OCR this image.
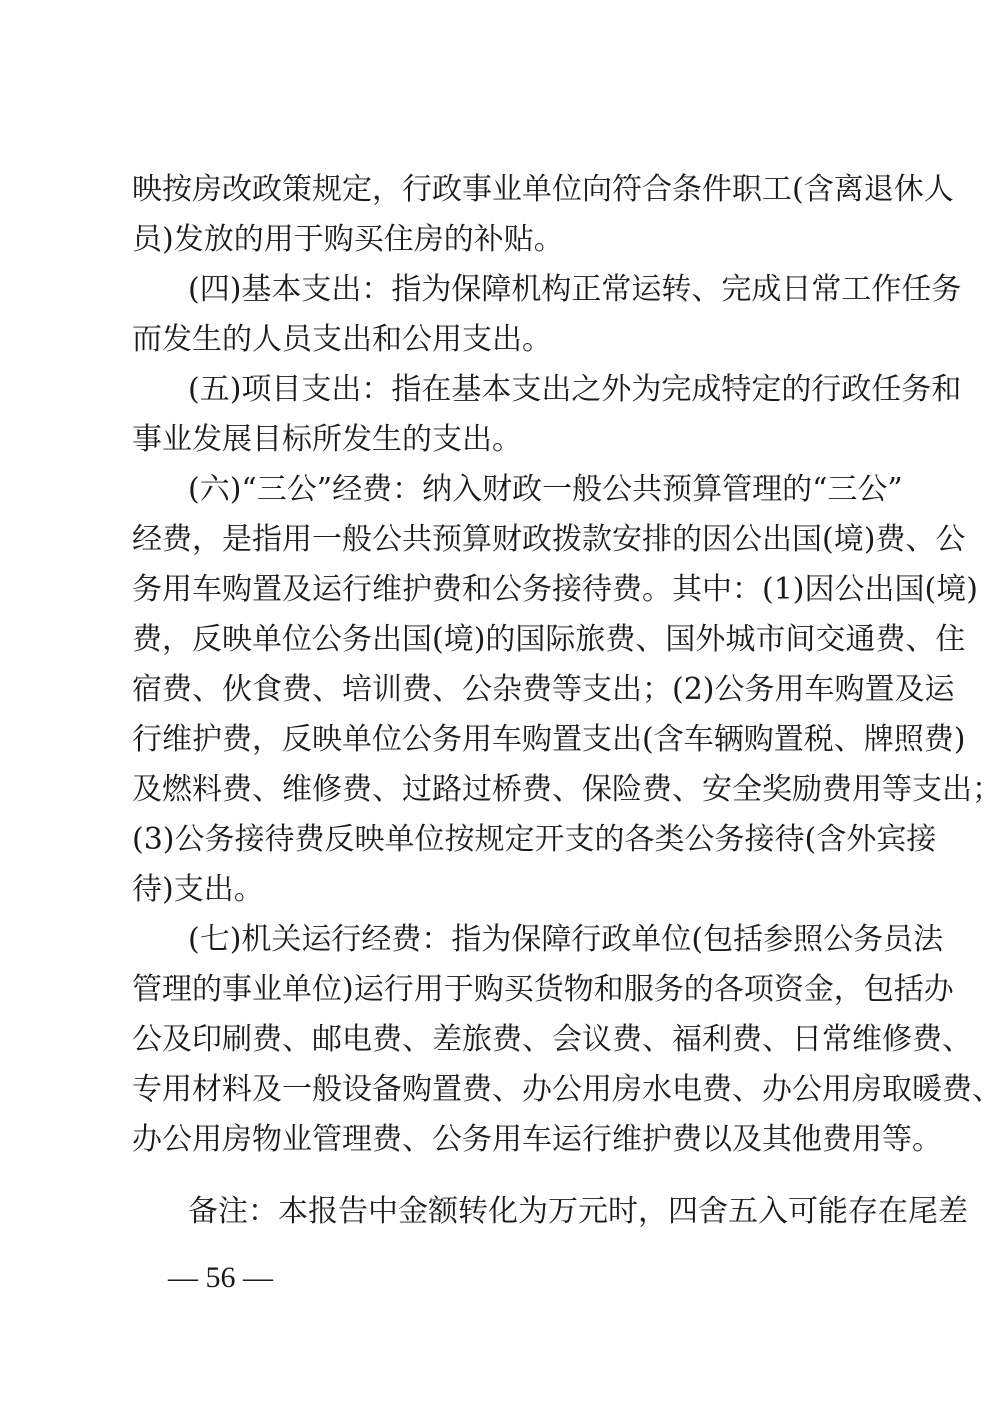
映按房改政策规定，行政事业单位向符合条件职工(含离退休人
员)发放的用于购买住房的补贴。
(四)基本支出：指为保障机构正常运转、完成日常工作任务
而发生的人员支出和公用支出。
(五)项目支出：指在基本支出之外为完成特定的行政任务和
事业发展目标所发生的支出。
(六)“三公”经费：纳入财政一般公共预算管理的“三公”
经费，是指用一般公共预算财政拨款安排的因公出国(境)费、公
务用车购置及运行维护费和公务接待费。其中：(1)因公出国(境)
费，反映单位公务出国(境)的国际旅费、国外城市间交通费、住
宿费、伙食费、培训费、公杂费等支出；(2)公务用车购置及运
行维护费，反映单位公务用车购置支出(含车辆购置税、牌照费)
及燃料费、维修费、过路过桥费、保险费、安全奖励费用等支出；
(3)公务接待费反映单位按规定开支的各类公务接待(含外宾接
待)支出。
(七)机关运行经费：指为保障行政单位(包括参照公务员法
管理的事业单位)运行用于购买货物和服务的各项资金，包括办
公及印刷费、邮电费、差旅费、会议费、福利费、日常维修费、
专用材料及一般设备购置费、办公用房水电费、办公用房取暖费、
办公用房物业管理费、公务用车运行维护费以及其他费用等。
备注：本报告中金额转化为万元时，四舍五入可能存在尾差
— 56 —
